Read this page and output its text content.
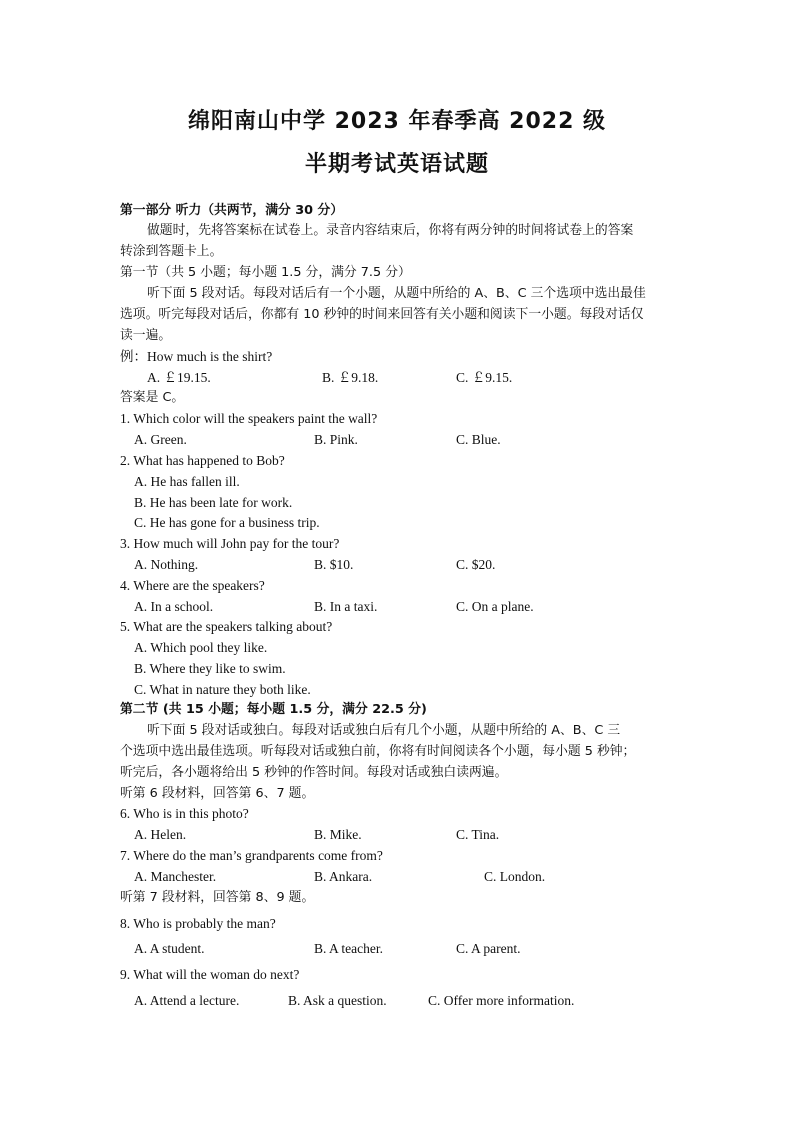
绵阳南山中学 2023 年春季高 2022 级
半期考试英语试题
第一部分 听力（共两节，满分 30 分）
做题时，先将答案标在试卷上。录音内容结束后，你将有两分钟的时间将试卷上的答案
转涂到答题卡上。
第一节（共 5 小题；每小题 1.5 分，满分 7.5 分）
听下面 5 段对话。每段对话后有一个小题，从题中所给的 A、B、C 三个选项中选出最佳
选项。听完每段对话后，你都有 10 秒钟的时间来回答有关小题和阅读下一小题。每段对话仅
读一遍。
例：How much is the shirt?
A. ￡19.15.	B. ￡9.18.	C. ￡9.15.
答案是 C。
1. Which color will the speakers paint the wall?
A. Green.	B. Pink.	C. Blue.
2. What has happened to Bob?
A. He has fallen ill.
B. He has been late for work.
C. He has gone for a business trip.
3. How much will John pay for the tour?
A. Nothing.	B. $10.	C. $20.
4. Where are the speakers?
A. In a school.	B. In a taxi.	C. On a plane.
5. What are the speakers talking about?
A. Which pool they like.
B. Where they like to swim.
C. What in nature they both like.
第二节 (共 15 小题；每小题 1.5 分，满分 22.5 分)
听下面 5 段对话或独白。每段对话或独白后有几个小题，从题中所给的 A、B、C 三
个选项中选出最佳选项。听每段对话或独白前，你将有时间阅读各个小题，每小题 5 秒钟；
听完后，各小题将给出 5 秒钟的作答时间。每段对话或独白读两遍。
听第 6 段材料，回答第 6、7 题。
6. Who is in this photo?
A. Helen.	B. Mike.	C. Tina.
7. Where do the man’s grandparents come from?
A. Manchester.	B. Ankara.	C. London.
听第 7 段材料，回答第 8、9 题。
8. Who is probably the man?
A. A student.	B. A teacher.	C. A parent.
9. What will the woman do next?
A. Attend a lecture.	B. Ask a question.	C. Offer more information.
